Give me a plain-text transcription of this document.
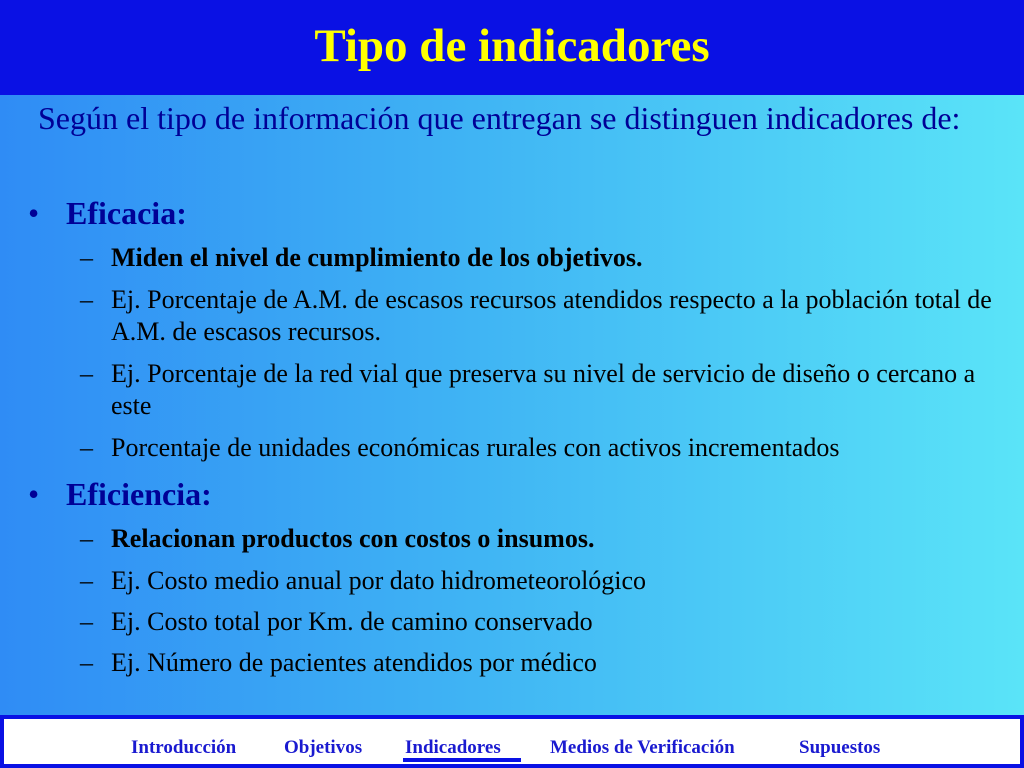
Tipo de indicadores
Según el tipo de información que entregan se distinguen indicadores de:
• Eficacia:
– Miden el nivel de cumplimiento de los objetivos.
– Ej. Porcentaje de A.M. de escasos recursos atendidos respecto a la población total de A.M. de escasos recursos.
– Ej. Porcentaje de la red vial que preserva su nivel de servicio de diseño o cercano a este
– Porcentaje de unidades económicas rurales con activos incrementados
• Eficiencia:
– Relacionan productos con costos o insumos.
– Ej. Costo medio anual por dato hidrometeorológico
– Ej. Costo total por Km. de camino conservado
– Ej. Número de pacientes atendidos por médico
Introducción	Objetivos Indicadores	Medios de Verificación	Supuestos
